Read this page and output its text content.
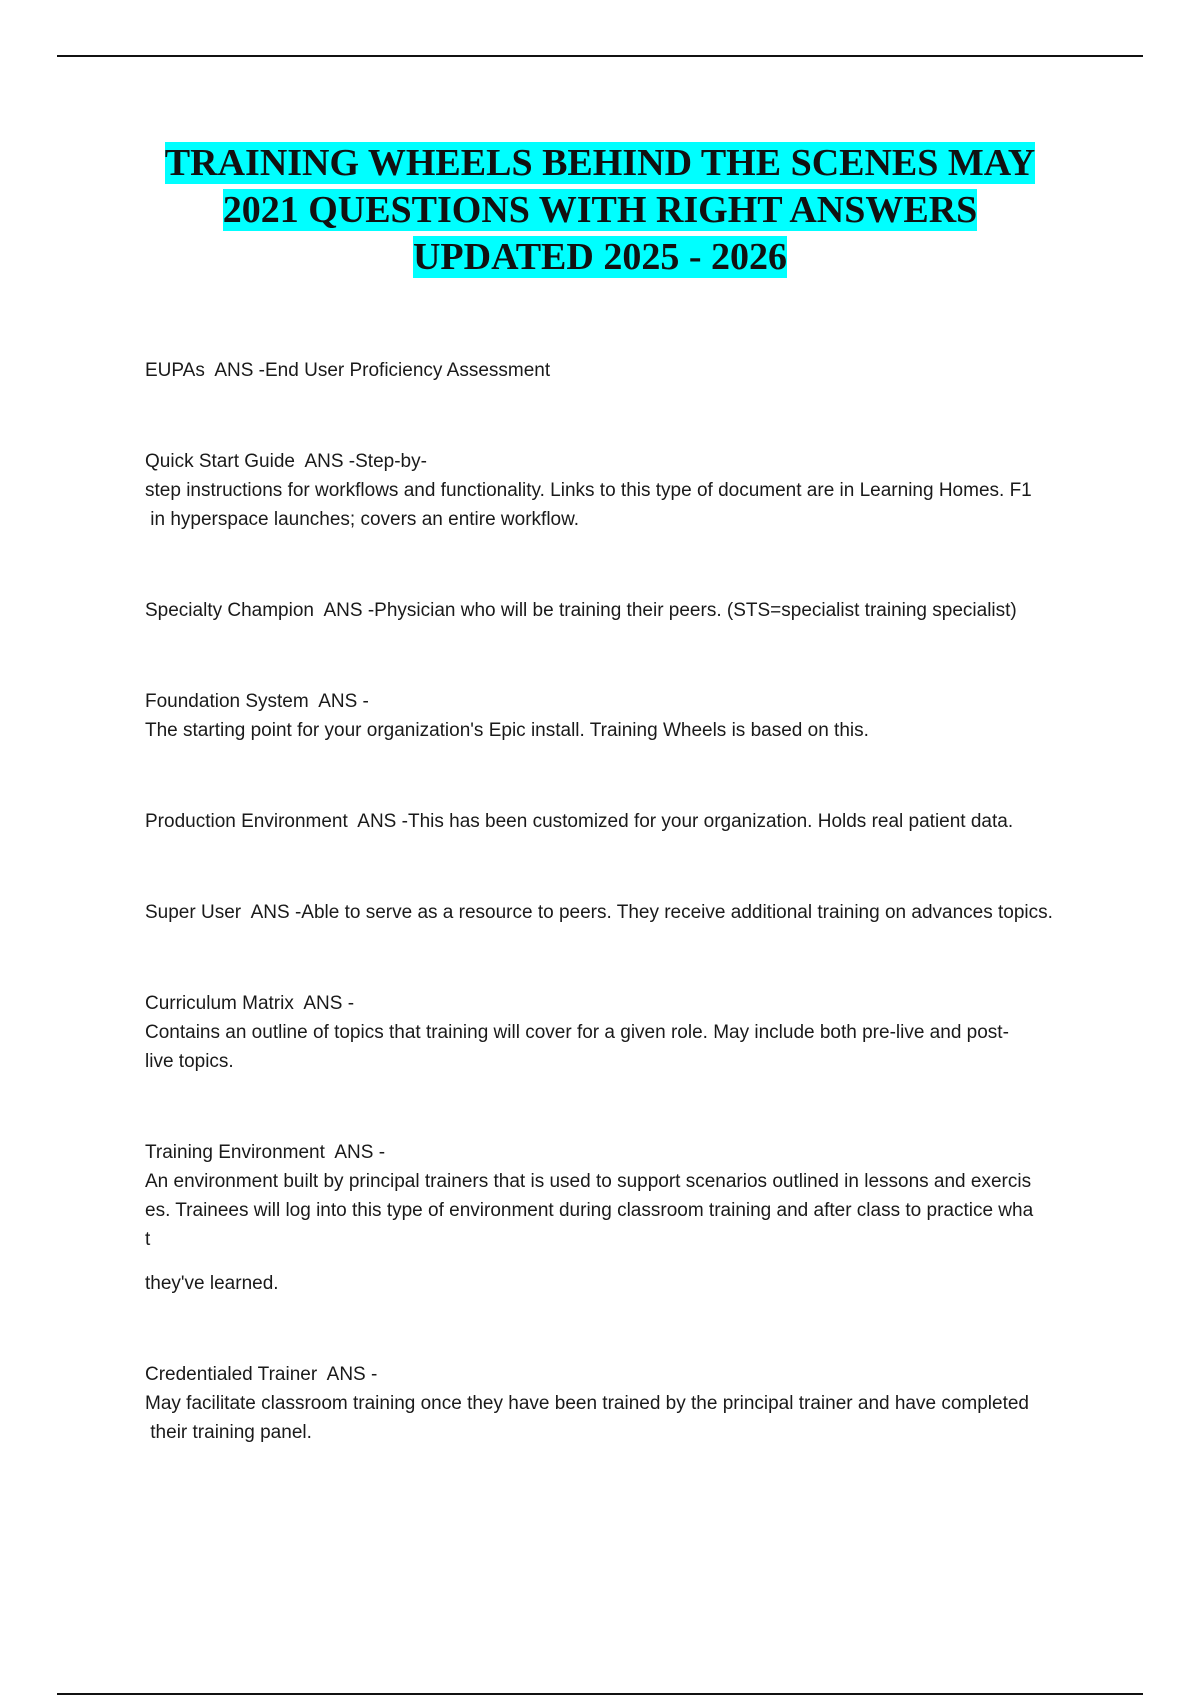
TRAINING WHEELS BEHIND THE SCENES MAY
2021 QUESTIONS WITH RIGHT ANSWERS
UPDATED 2025 - 2026

EUPAs  ANS -End User Proficiency Assessment

Quick Start Guide  ANS -Step-by-

step instructions for workflows and functionality. Links to this type of document are in Learning Homes. F1

in hyperspace launches; covers an entire workflow.

Specialty Champion  ANS -Physician who will be training their peers. (STS=specialist training specialist)

Foundation System  ANS -

The starting point for your organization's Epic install. Training Wheels is based on this.

Production Environment  ANS -This has been customized for your organization. Holds real patient data.

Super User  ANS -Able to serve as a resource to peers. They receive additional training on advances topics.

Curriculum Matrix  ANS -

Contains an outline of topics that training will cover for a given role. May include both pre-live and post-

live topics.

Training Environment  ANS -

An environment built by principal trainers that is used to support scenarios outlined in lessons and exercis

es. Trainees will log into this type of environment during classroom training and after class to practice wha

t

they've learned.

Credentialed Trainer  ANS -

May facilitate classroom training once they have been trained by the principal trainer and have completed

their training panel.
